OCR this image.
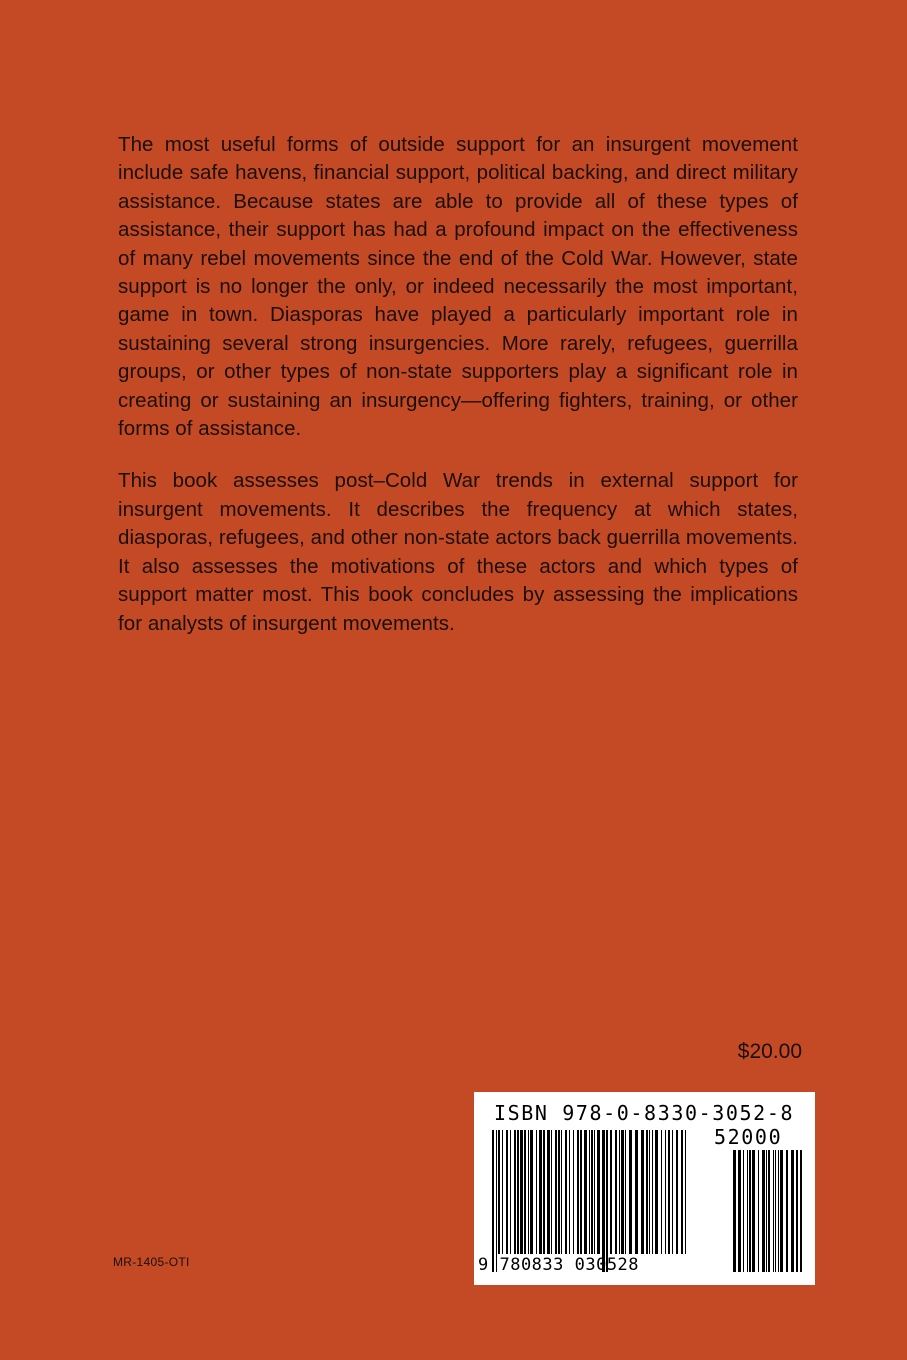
The most useful forms of outside support for an insurgent movement include safe havens, financial support, political backing, and direct military assistance. Because states are able to provide all of these types of assistance, their support has had a profound impact on the effectiveness of many rebel movements since the end of the Cold War. However, state support is no longer the only, or indeed necessarily the most important, game in town. Diasporas have played a particularly important role in sustaining several strong insurgencies. More rarely, refugees, guerrilla groups, or other types of non-state supporters play a significant role in creating or sustaining an insurgency—offering fighters, training, or other forms of assistance.

This book assesses post–Cold War trends in external support for insurgent movements. It describes the frequency at which states, diasporas, refugees, and other non-state actors back guerrilla movements. It also assesses the motivations of these actors and which types of support matter most. This book concludes by assessing the implications for analysts of insurgent movements.

$20.00
ISBN 978-0-8330-3052-8
52000
9 780833 030528
MR-1405-OTI
